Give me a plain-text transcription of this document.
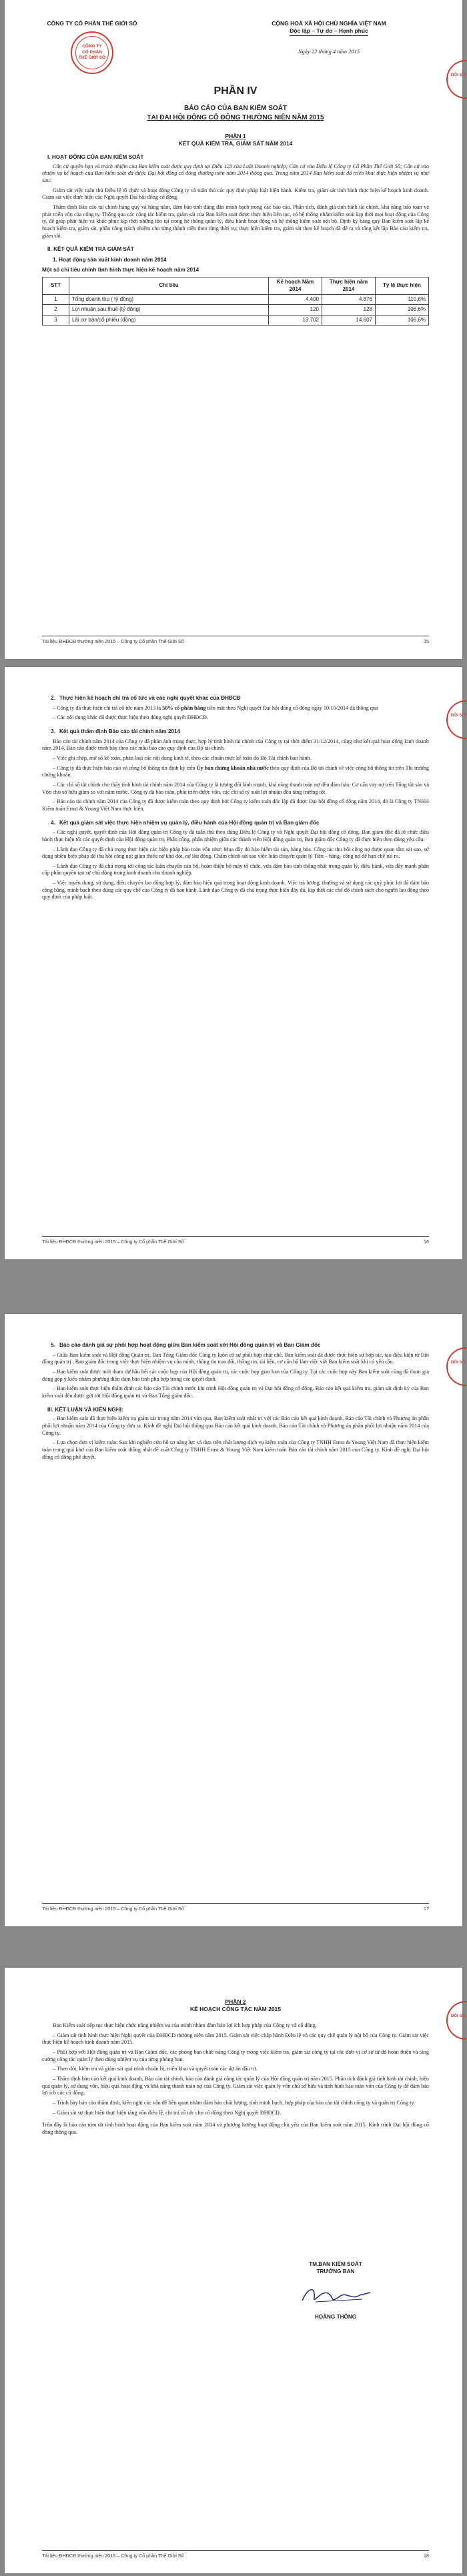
ĐỐI SỐ
CÔNG TY CỔ PHẦN THẾ GIỚI SỐ
CÔNG TY
CỔ PHẦN
THẾ GIỚI SỐ
CỘNG HOÀ XÃ HỘI CHỦ NGHĨA VIỆT NAM
Độc lập – Tự do – Hạnh phúc
Ngày 22 tháng 4 năm 2015
PHẦN IV
BÁO CÁO CỦA BAN KIỂM SOÁT
TẠI ĐẠI HỘI ĐỒNG CỔ ĐÔNG THƯỜNG NIÊN NĂM 2015
PHẦN 1
KẾT QUẢ KIỂM TRA, GIÁM SÁT NĂM 2014
I. HOẠT ĐỘNG CỦA BAN KIỂM SOÁT

Căn cứ quyền hạn và trách nhiệm của Ban kiểm soát được quy định tại Điều 123 của Luật Doanh nghiệp; Căn cứ vào Điều lệ Công ty Cổ Phần Thế Giới Số; Căn cứ vào nhiệm vụ kế hoạch của Ban kiểm soát đã được Đại hội đồng cổ đông thường niên năm 2014 thông qua. Trong năm 2014 Ban kiểm soát đã triển khai thực hiện nhiệm vụ như sau:

Giám sát việc tuân thủ Điều lệ tổ chức và hoạt động Công ty và tuân thủ các quy định pháp luật hiện hành. Kiểm tra, giám sát tình hình thực hiện kế hoạch kinh doanh. Giám sát việc thực hiện các Nghị quyết Đại hội đồng cổ đông.

Thẩm định Báo cáo tài chính hàng quý và hàng năm, đảm bảo tính đúng đắn minh bạch trong các báo cáo. Phân tích, đánh giá tình hình tài chính, khả năng bảo toàn và phát triển vốn của công ty. Thông qua các công tác kiểm tra, giám sát của Ban kiểm soát được thực hiện liên tục, có hệ thống nhằm kiểm soát kịp thời mọi hoạt động của Công ty, để giúp phát hiện và khắc phục kịp thời những tồn tại trong hệ thống quản lý, điều hành hoạt động và hệ thống kiểm soát nội bộ. Định kỳ hàng quý Ban kiểm soát lập kế hoạch kiểm tra, giám sát, phân công trách nhiệm cho từng thành viên theo từng thời vụ; thực hiện kiểm tra, giám sát theo kế hoạch đã đề ra và tổng kết lập Báo cáo kiểm tra, giám sát.

II. KẾT QUẢ KIỂM TRA GIÁM SÁT
1. Hoạt động sản xuất kinh doanh năm 2014
Một số chỉ tiêu chính tình hình thực hiện kế hoạch năm 2014
STT	Chỉ tiêu	Kế hoạch Năm 2014	Thực hiện năm 2014	Tỷ lệ thực hiện
1	Tổng doanh thu ( tỷ đồng)	4.400	4.876	110,8%
2	Lợi nhuận sau thuế (tỷ đồng)	120	128	106,6%
3	Lãi cơ bản/cổ phiếu (đồng)	13.702	14.607	106,6%
Tài liệu ĐHĐCĐ thường niên 2015 – Công ty Cổ phần Thế Giới Số	15
ĐỐI SỐ
2. Thực hiện kế hoạch chi trả cổ tức và các nghị quyết khác của ĐHĐCĐ

– Công ty đã thực hiện chi trả cổ tức năm 2013 là 50% cổ phần bằng tiền mặt theo Nghị quyết Đại hội đồng cổ đông ngày 10/10/2014 đã thông qua

– Các nội dung khác đã được thực hiện theo đúng nghị quyết ĐHĐCĐ.

3. Kết quả thẩm định Báo cáo tài chính năm 2014

Báo cáo tài chính năm 2014 của Công ty đã phản ánh trung thực, hợp lý tình hình tài chính của Công ty tại thời điểm 31/12/2014, cũng như kết quả hoạt động kinh doanh năm 2014. Báo cáo được trình bày theo các mẫu báo cáo quy định của Bộ tài chính.

– Việc ghi chép, mở sổ kế toán, phản loại các nội dung kinh tế, theo các chuẩn mực kế toán do Bộ Tài chính ban hành.

– Công ty đã thực hiện báo cáo và công bố thông tin định kỳ trên Ủy ban chứng khoán nhà nước theo quy định của Bộ tài chính về việc công bố thông tin trên Thị trường chứng khoán.

– Các chỉ số tài chính cho thấy tình hình tài chính năm 2014 của Công ty là tương đối lành mạnh, khả năng thanh toán nợ đều đảm bảo. Cơ cấu vay nợ trên Tổng tài sản và Vốn chủ sở hữu giảm so với năm trước. Công ty đã bảo toàn, phát triển được vốn, các chỉ số tỷ suất lợi nhuận đều tăng trưởng tốt.

– Báo cáo tài chính năm 2014 của Công ty đã được kiểm toán theo quy định bởi Công ty kiểm toán độc lập đã được Đại hội đồng cổ đông năm 2014, đó là Công ty TNHH Kiểm toán Ernst & Young Việt Nam thực hiện.

4. Kết quả giám sát việc thực hiện nhiệm vụ quản lý, điều hành của Hội đồng quản trị và Ban giám đốc

– Các nghị quyết, quyết định của Hội đồng quản trị Công ty đã tuân thủ theo đúng Điều lệ Công ty và Nghị quyết Đại hội đồng cổ đông. Ban giám đốc đã tổ chức điều hành thực hiện tốt các quyết định của Hội đồng quản trị. Phân công, phân nhiệm giữa các thành viên Hội đồng quản trị, Ban giám đốc Công ty đã thực hiện theo đúng yêu cầu.

– Lãnh đạo Công ty đã chú trọng thực hiện các biện pháp bảo toàn vốn như: Mua đầy đủ bảo hiểm tài sản, hàng hóa. Công tác thu hồi công nợ được quan tâm sát sao, sử dụng nhiều biện pháp để thu hồi công nợ; giám thiểu nợ khó đòi, nợ lâu động. Chấm chỉnh sát sao việc luân chuyển quản lý Tiền – hàng- công nợ để hạn chế rủi ro.

– Lãnh đạo Công ty đã chú trọng tới công tác luân chuyển cán bộ, hoàn thiện bộ máy tổ chức, vừa đảm bảo tính thống nhất trong quản lý, điều hành, vừa đẩy mạnh phân cấp phân quyền tạo sự chủ động trong kinh doanh cho doanh nghiệp.

– Việc tuyển dụng, sử dụng, điều chuyển lao động hợp lý, đảm bảo hiệu quả trong hoạt động kinh doanh. Việc trả lương, thưởng và sử dụng các quỹ phúc lợi đã đảm bảo công bằng, minh bạch theo đúng các quy chế của Công ty đã ban hành. Lãnh đạo Công ty đã chú trọng thực hiện đầy đủ, kịp thời các chế độ chính sách cho người lao động theo quy định của pháp luật.

Tài liệu ĐHĐCĐ thường niên 2015 – Công ty Cổ phần Thế Giới Số	16
ĐỐI SỐ
5. Báo cáo đánh giá sự phối hợp hoạt động giữa Ban kiểm soát với Hội đồng quản trị và Ban Giám đốc

– Giữa Ban kiểm soát và Hội đồng Quản trị, Ban Tổng Giám đốc Công ty luôn có sự phối hợp chặt chẽ. Ban kiểm soát đã được thực hiện sự hợp tác, tạo điều kiện từ Hội đồng quản trị , Ban giám đốc trong việc thực hiện nhiệm vụ của mình, thông tin trao đổi, thông tin, tài liệu, cơ cấn bộ làm việc với Ban kiểm soát khi có yêu cầu.

– Ban kiểm soát được mời tham dự hầu hết các cuộc họp của Hội đồng quản trị, các cuộc họp giao ban của Công ty. Tại các cuộc họp này Ban kiểm soát cũng đã tham gia đóng góp ý kiến nhằm phương diện đảm bảo tính phù hợp trong các quyết định.

– Ban kiểm soát thực hiện thẩm định các báo cáo Tài chính trước khi trình Hội đồng quản trị và Đại hội đồng cổ đông. Báo cáo kết quả kiểm tra, giám sát định kỳ của Ban kiểm soát đều được gửi tới Hội đồng quản trị và Ban Tổng giám đốc.

III. KẾT LUẬN VÀ KIẾN NGHỊ:

– Ban kiểm soát đã thực hiện kiểm tra giám sát trong năm 2014 vừa qua, Ban kiểm soát nhất trí với các Báo cáo kết quả kinh doanh, Báo cáo Tài chính và Phương án phân phối lợi nhuận năm 2014 của Công ty đưa ra. Kính đề nghị Đại hội thông qua Báo cáo kết quả kinh doanh, Báo cáo Tài chính và Phương án phân phối lợi nhuận năm 2014 của Công ty.

– Lựa chọn đơn vị kiểm toán: Sau khi nghiên cứu hồ sơ năng lực và dựa trên chất lượng dịch vụ kiểm toán của Công ty TNHH Ernst & Young Việt Nam đã thực hiện kiểm toán trong quá khứ của Ban kiểm soát thống nhất đề xuất Công ty TNHH Ernst & Young Việt Nam kiểm toán Báo cáo tài chính năm 2015 của Công ty. Kính đề nghị Đại hội đồng cổ đông phê duyệt.

Tài liệu ĐHĐCĐ thường niên 2015 – Công ty Cổ phần Thế Giới Số	17
ĐỐI SỐ
PHẦN 2
KẾ HOẠCH CÔNG TÁC NĂM 2015

Ban Kiểm soát tiếp tục thực hiện chức năng nhiệm vụ của mình nhằm đảm bảo lợi ích hợp pháp của Công ty và cổ đông.

– Giám sát tình hình thực hiện Nghị quyết của ĐHĐCĐ thường niên năm 2015. Giám sát việc chấp hành Điều lệ và các quy chế quản lý nội bộ của Công ty. Giám sát việc thực hiện kế hoạch kinh doanh năm 2015.

– Phối hợp với Hội đồng quản trị và Ban Giám đốc, các phòng ban chức năng Công ty trong việc kiểm tra, giám sát công ty tại các đơn vị cơ sở từ đó hoàn thiện và tăng cường công tác quản lý theo đúng nhiệm vụ của từng phòng ban.

– Theo dõi, kiểm tra và giám sát quá trình chuẩn bị, triển khai và quyết toán các dự án đầu tư.

– Thẩm định báo cáo kết quả kinh doanh, Báo cáo tài chính, báo cáo đánh giá công tác quản lý của Hội đồng quản trị năm 2015. Phân tích đánh giá tình hình tài chính, hiệu quả quản lý, sử dụng vốn, hiệu quả hoạt động và khả năng thanh toán nợ của Công ty. Giám sát việc quản lý vốn chủ sở hữu và tình hình bảo toàn vốn của Công ty để đảm bảo lợi ích các cổ đông.

– Trình bày báo cáo thẩm định, kiến nghị các vấn đề liên quan nhằm đảm bảo chất lượng, tính minh bạch, hợp pháp của báo cáo tài chính công ty và quản trị Công ty.

– Giám sát sự thực hiện thực hiện tăng vốn điều lệ, chi trả cổ tức cho cổ đông theo Nghị quyết ĐHĐCĐ.

Trên đây là báo cáo tóm tắt tình hình hoạt động của Ban kiểm soát năm 2014 và phương hướng hoạt động chủ yếu của Ban kiểm soát năm 2015. Kính trình Đại hội đồng cổ đông thông qua.

TM.BAN KIỂM SOÁT
TRƯỞNG BAN
HOÀNG THÔNG
Tài liệu ĐHĐCĐ thường niên 2015 – Công ty Cổ phần Thế Giới Số	18
